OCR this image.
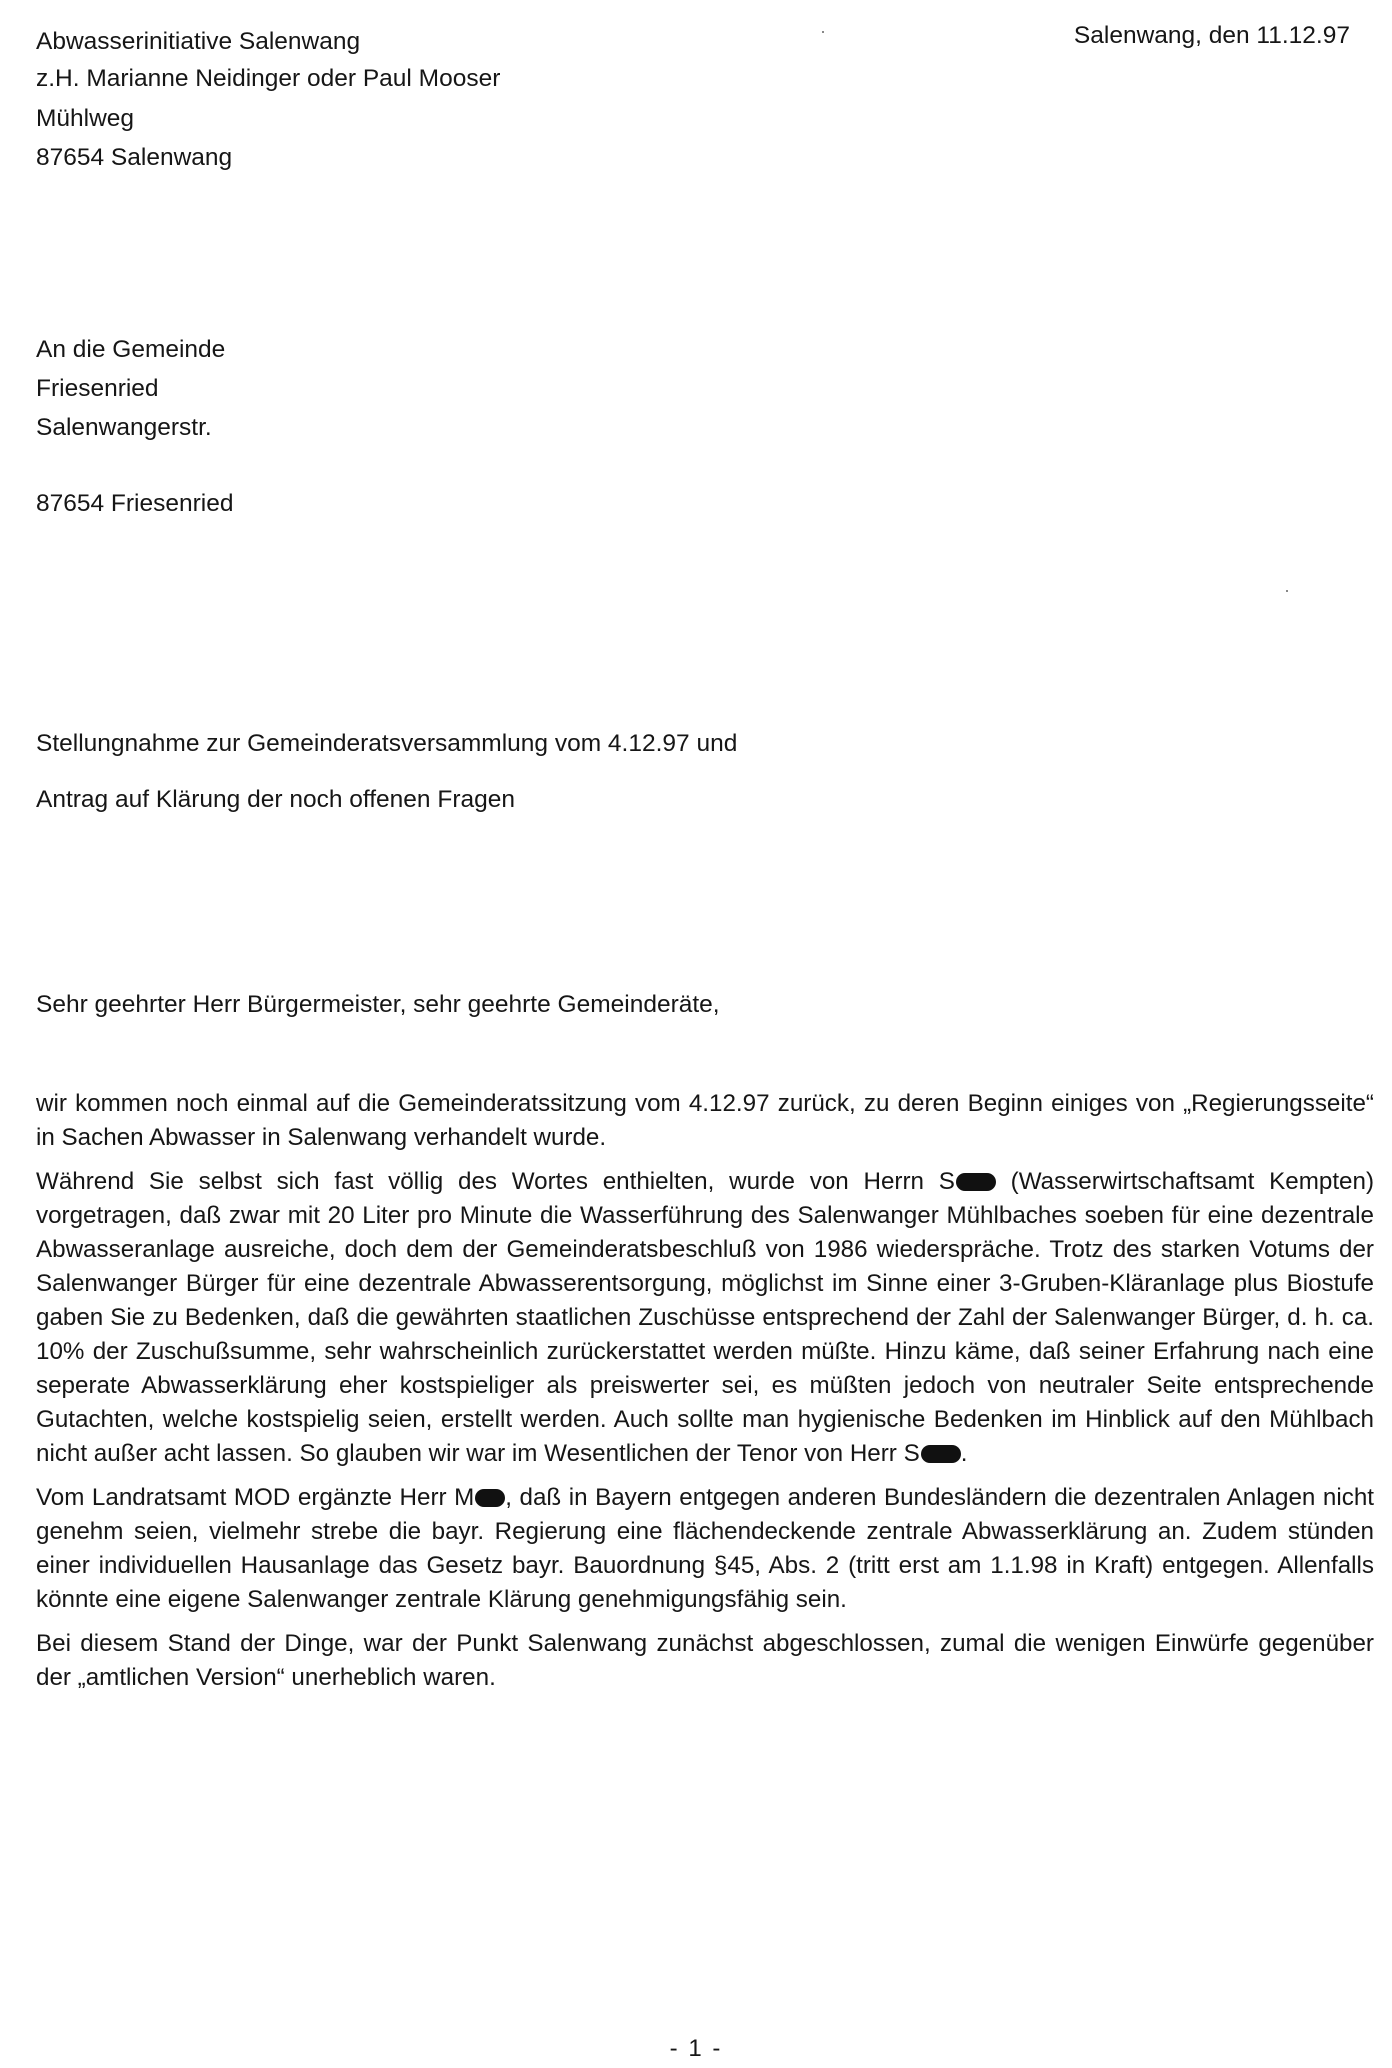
Abwasserinitiative Salenwang
z.H. Marianne Neidinger oder Paul Mooser
Mühlweg
87654 Salenwang
Salenwang, den 11.12.97
An die Gemeinde
Friesenried
Salenwangerstr.
87654 Friesenried
Stellungnahme zur Gemeinderatsversammlung vom 4.12.97 und
Antrag auf Klärung der noch offenen Fragen
Sehr geehrter Herr Bürgermeister, sehr geehrte Gemeinderäte,

wir kommen noch einmal auf die Gemeinderatssitzung vom 4.12.97 zurück, zu deren Beginn einiges von „Regierungsseite“ in Sachen Abwasser in Salenwang verhandelt wurde.

Während Sie selbst sich fast völlig des Wortes enthielten, wurde von Herrn S (Wasserwirtschaftsamt Kempten) vorgetragen, daß zwar mit 20 Liter pro Minute die Wasserführung des Salenwanger Mühlbaches soeben für eine dezentrale Abwasseranlage ausreiche, doch dem der Gemeinderatsbeschluß von 1986 wiederspräche. Trotz des starken Votums der Salenwanger Bürger für eine dezentrale Abwasserentsorgung, möglichst im Sinne einer 3-Gruben-Kläranlage plus Biostufe gaben Sie zu Bedenken, daß die gewährten staatlichen Zuschüsse entsprechend der Zahl der Salenwanger Bürger, d. h. ca. 10% der Zuschußsumme, sehr wahrscheinlich zurückerstattet werden müßte. Hinzu käme, daß seiner Erfahrung nach eine seperate Abwasserklärung eher kostspieliger als preiswerter sei, es müßten jedoch von neutraler Seite entsprechende Gutachten, welche kostspielig seien, erstellt werden. Auch sollte man hygienische Bedenken im Hinblick auf den Mühlbach nicht außer acht lassen. So glauben wir war im Wesentlichen der Tenor von Herr S .

Vom Landratsamt MOD ergänzte Herr M , daß in Bayern entgegen anderen Bundesländern die dezentralen Anlagen nicht genehm seien, vielmehr strebe die bayr. Regierung eine flächendeckende zentrale Abwasserklärung an. Zudem stünden einer individuellen Hausanlage das Gesetz bayr. Bauordnung §45, Abs. 2 (tritt erst am 1.1.98 in Kraft) entgegen. Allenfalls könnte eine eigene Salenwanger zentrale Klärung genehmigungsfähig sein.

Bei diesem Stand der Dinge, war der Punkt Salenwang zunächst abgeschlossen, zumal die wenigen Einwürfe gegenüber der „amtlichen Version“ unerheblich waren.

- 1 -
